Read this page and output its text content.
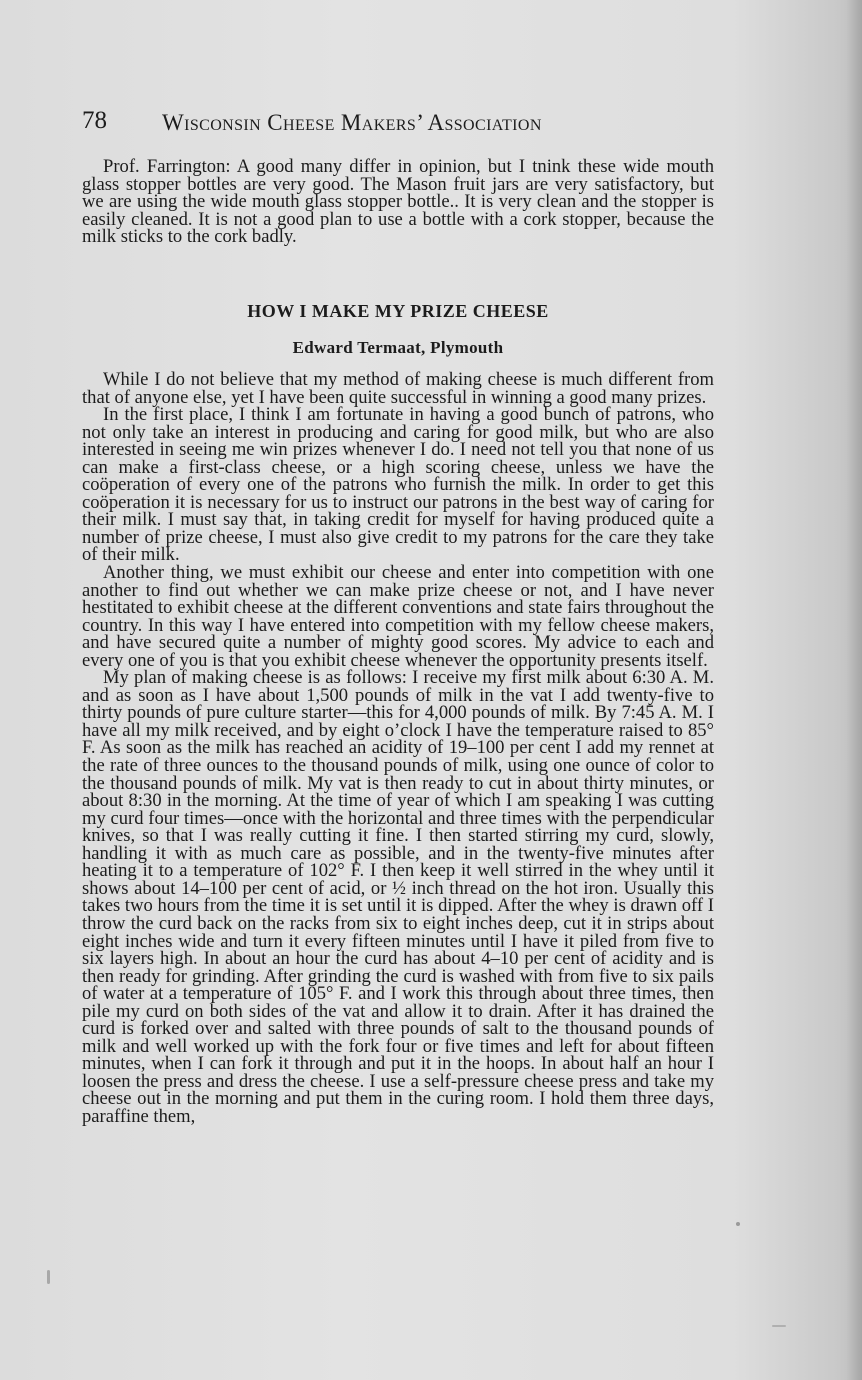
78 Wisconsin Cheese Makers’ Association

Prof. Farrington: A good many differ in opinion, but I tnink these wide mouth glass stopper bottles are very good. The Mason fruit jars are very satisfactory, but we are using the wide mouth glass stopper bottle.. It is very clean and the stopper is easily cleaned. It is not a good plan to use a bottle with a cork stopper, because the milk sticks to the cork badly.

HOW I MAKE MY PRIZE CHEESE
Edward Termaat, Plymouth

While I do not believe that my method of making cheese is much different from that of anyone else, yet I have been quite successful in winning a good many prizes.

In the first place, I think I am fortunate in having a good bunch of patrons, who not only take an interest in producing and caring for good milk, but who are also interested in seeing me win prizes whenever I do. I need not tell you that none of us can make a first-class cheese, or a high scoring cheese, unless we have the coöperation of every one of the patrons who furnish the milk. In order to get this coöperation it is necessary for us to instruct our patrons in the best way of caring for their milk. I must say that, in taking credit for myself for having produced quite a number of prize cheese, I must also give credit to my patrons for the care they take of their milk.

Another thing, we must exhibit our cheese and enter into competition with one another to find out whether we can make prize cheese or not, and I have never hestitated to exhibit cheese at the different conventions and state fairs throughout the country. In this way I have entered into competition with my fellow cheese makers, and have secured quite a number of mighty good scores. My advice to each and every one of you is that you exhibit cheese whenever the opportunity presents itself.

My plan of making cheese is as follows: I receive my first milk about 6:30 A. M. and as soon as I have about 1,500 pounds of milk in the vat I add twenty-five to thirty pounds of pure culture starter—this for 4,000 pounds of milk. By 7:45 A. M. I have all my milk received, and by eight o’clock I have the temperature raised to 85° F. As soon as the milk has reached an acidity of 19–100 per cent I add my rennet at the rate of three ounces to the thousand pounds of milk, using one ounce of color to the thousand pounds of milk. My vat is then ready to cut in about thirty minutes, or about 8:30 in the morning. At the time of year of which I am speaking I was cutting my curd four times—once with the horizontal and three times with the perpendicular knives, so that I was really cutting it fine. I then started stirring my curd, slowly, handling it with as much care as possible, and in the twenty-five minutes after heating it to a temperature of 102° F. I then keep it well stirred in the whey until it shows about 14–100 per cent of acid, or ½ inch thread on the hot iron. Usually this takes two hours from the time it is set until it is dipped. After the whey is drawn off I throw the curd back on the racks from six to eight inches deep, cut it in strips about eight inches wide and turn it every fifteen minutes until I have it piled from five to six layers high. In about an hour the curd has about 4–10 per cent of acidity and is then ready for grinding. After grinding the curd is washed with from five to six pails of water at a temperature of 105° F. and I work this through about three times, then pile my curd on both sides of the vat and allow it to drain. After it has drained the curd is forked over and salted with three pounds of salt to the thousand pounds of milk and well worked up with the fork four or five times and left for about fifteen minutes, when I can fork it through and put it in the hoops. In about half an hour I loosen the press and dress the cheese. I use a self-pressure cheese press and take my cheese out in the morning and put them in the curing room. I hold them three days, paraffine them,
